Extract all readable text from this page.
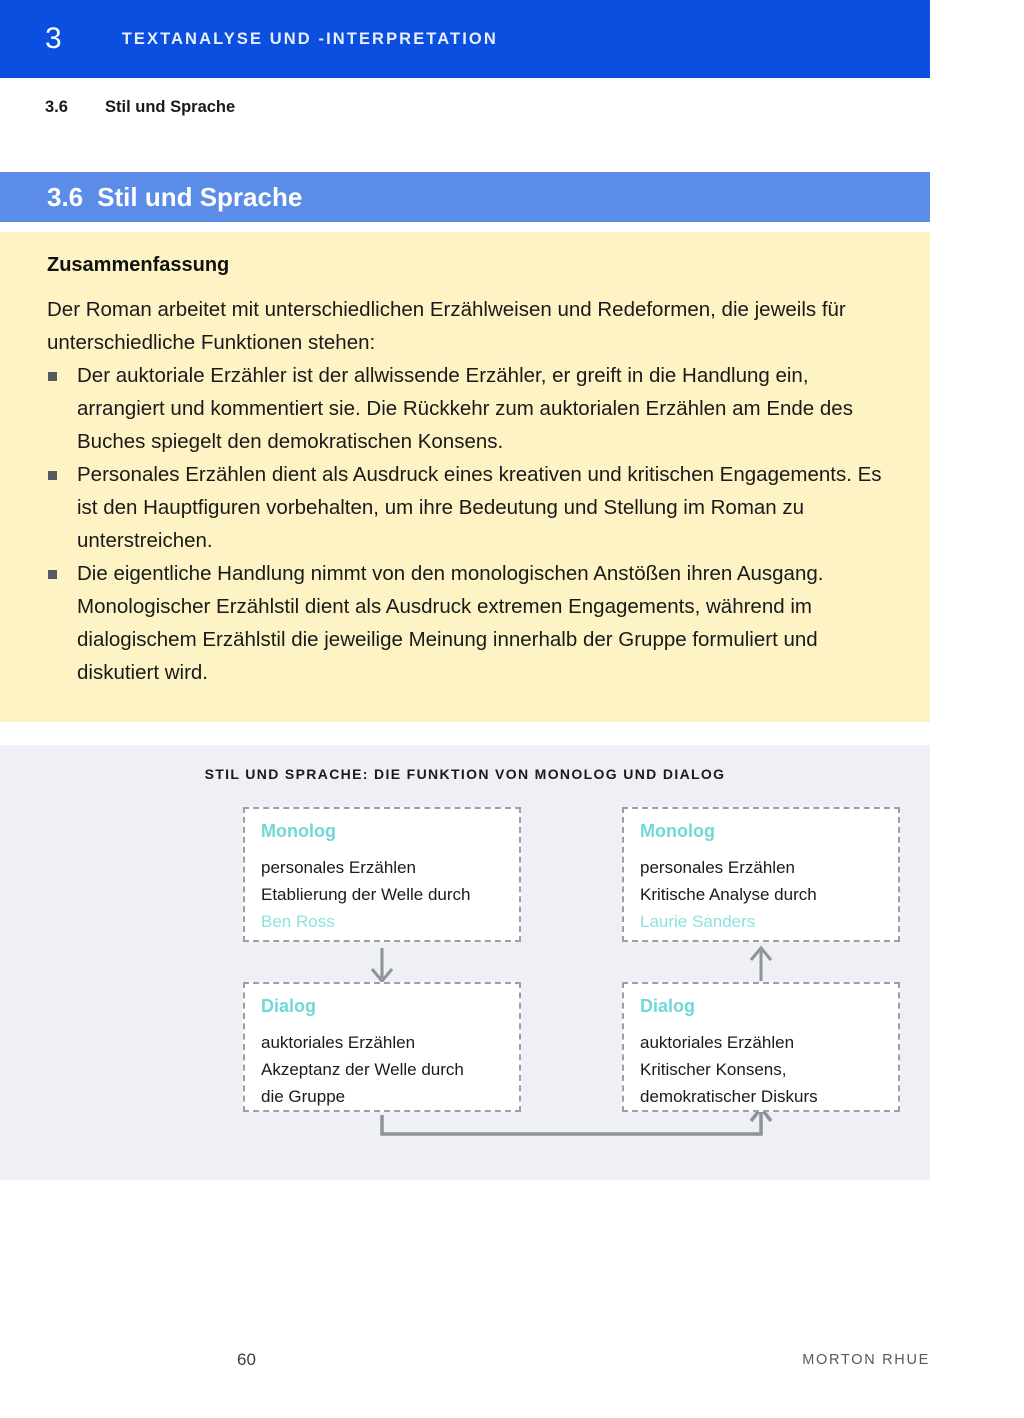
3	TEXTANALYSE UND -INTERPRETATION
3.6	Stil und Sprache
3.6 Stil und Sprache
Zusammenfassung

Der Roman arbeitet mit unterschiedlichen Erzählweisen und Redeformen, die jeweils für unterschiedliche Funktionen stehen:

Der auktoriale Erzähler ist der allwissende Erzähler, er greift in die Handlung ein, arrangiert und kommentiert sie. Die Rückkehr zum auktorialen Erzählen am Ende des Buches spiegelt den demokratischen Konsens.
Personales Erzählen dient als Ausdruck eines kreativen und kritischen Engagements. Es ist den Hauptfiguren vorbehalten, um ihre Bedeutung und Stellung im Roman zu unterstreichen.
Die eigentliche Handlung nimmt von den monologischen Anstößen ihren Ausgang. Monologischer Erzählstil dient als Ausdruck extremen Engagements, während im dialogischem Erzählstil die jeweilige Meinung innerhalb der Gruppe formuliert und diskutiert wird.
STIL UND SPRACHE: DIE FUNKTION VON MONOLOG UND DIALOG
Monolog
personales Erzählen
Etablierung der Welle durch
Ben Ross
Monolog
personales Erzählen
Kritische Analyse durch
Laurie Sanders
Dialog
auktoriales Erzählen
Akzeptanz der Welle durch
die Gruppe
Dialog
auktoriales Erzählen
Kritischer Konsens,
demokratischer Diskurs
60	MORTON RHUE
